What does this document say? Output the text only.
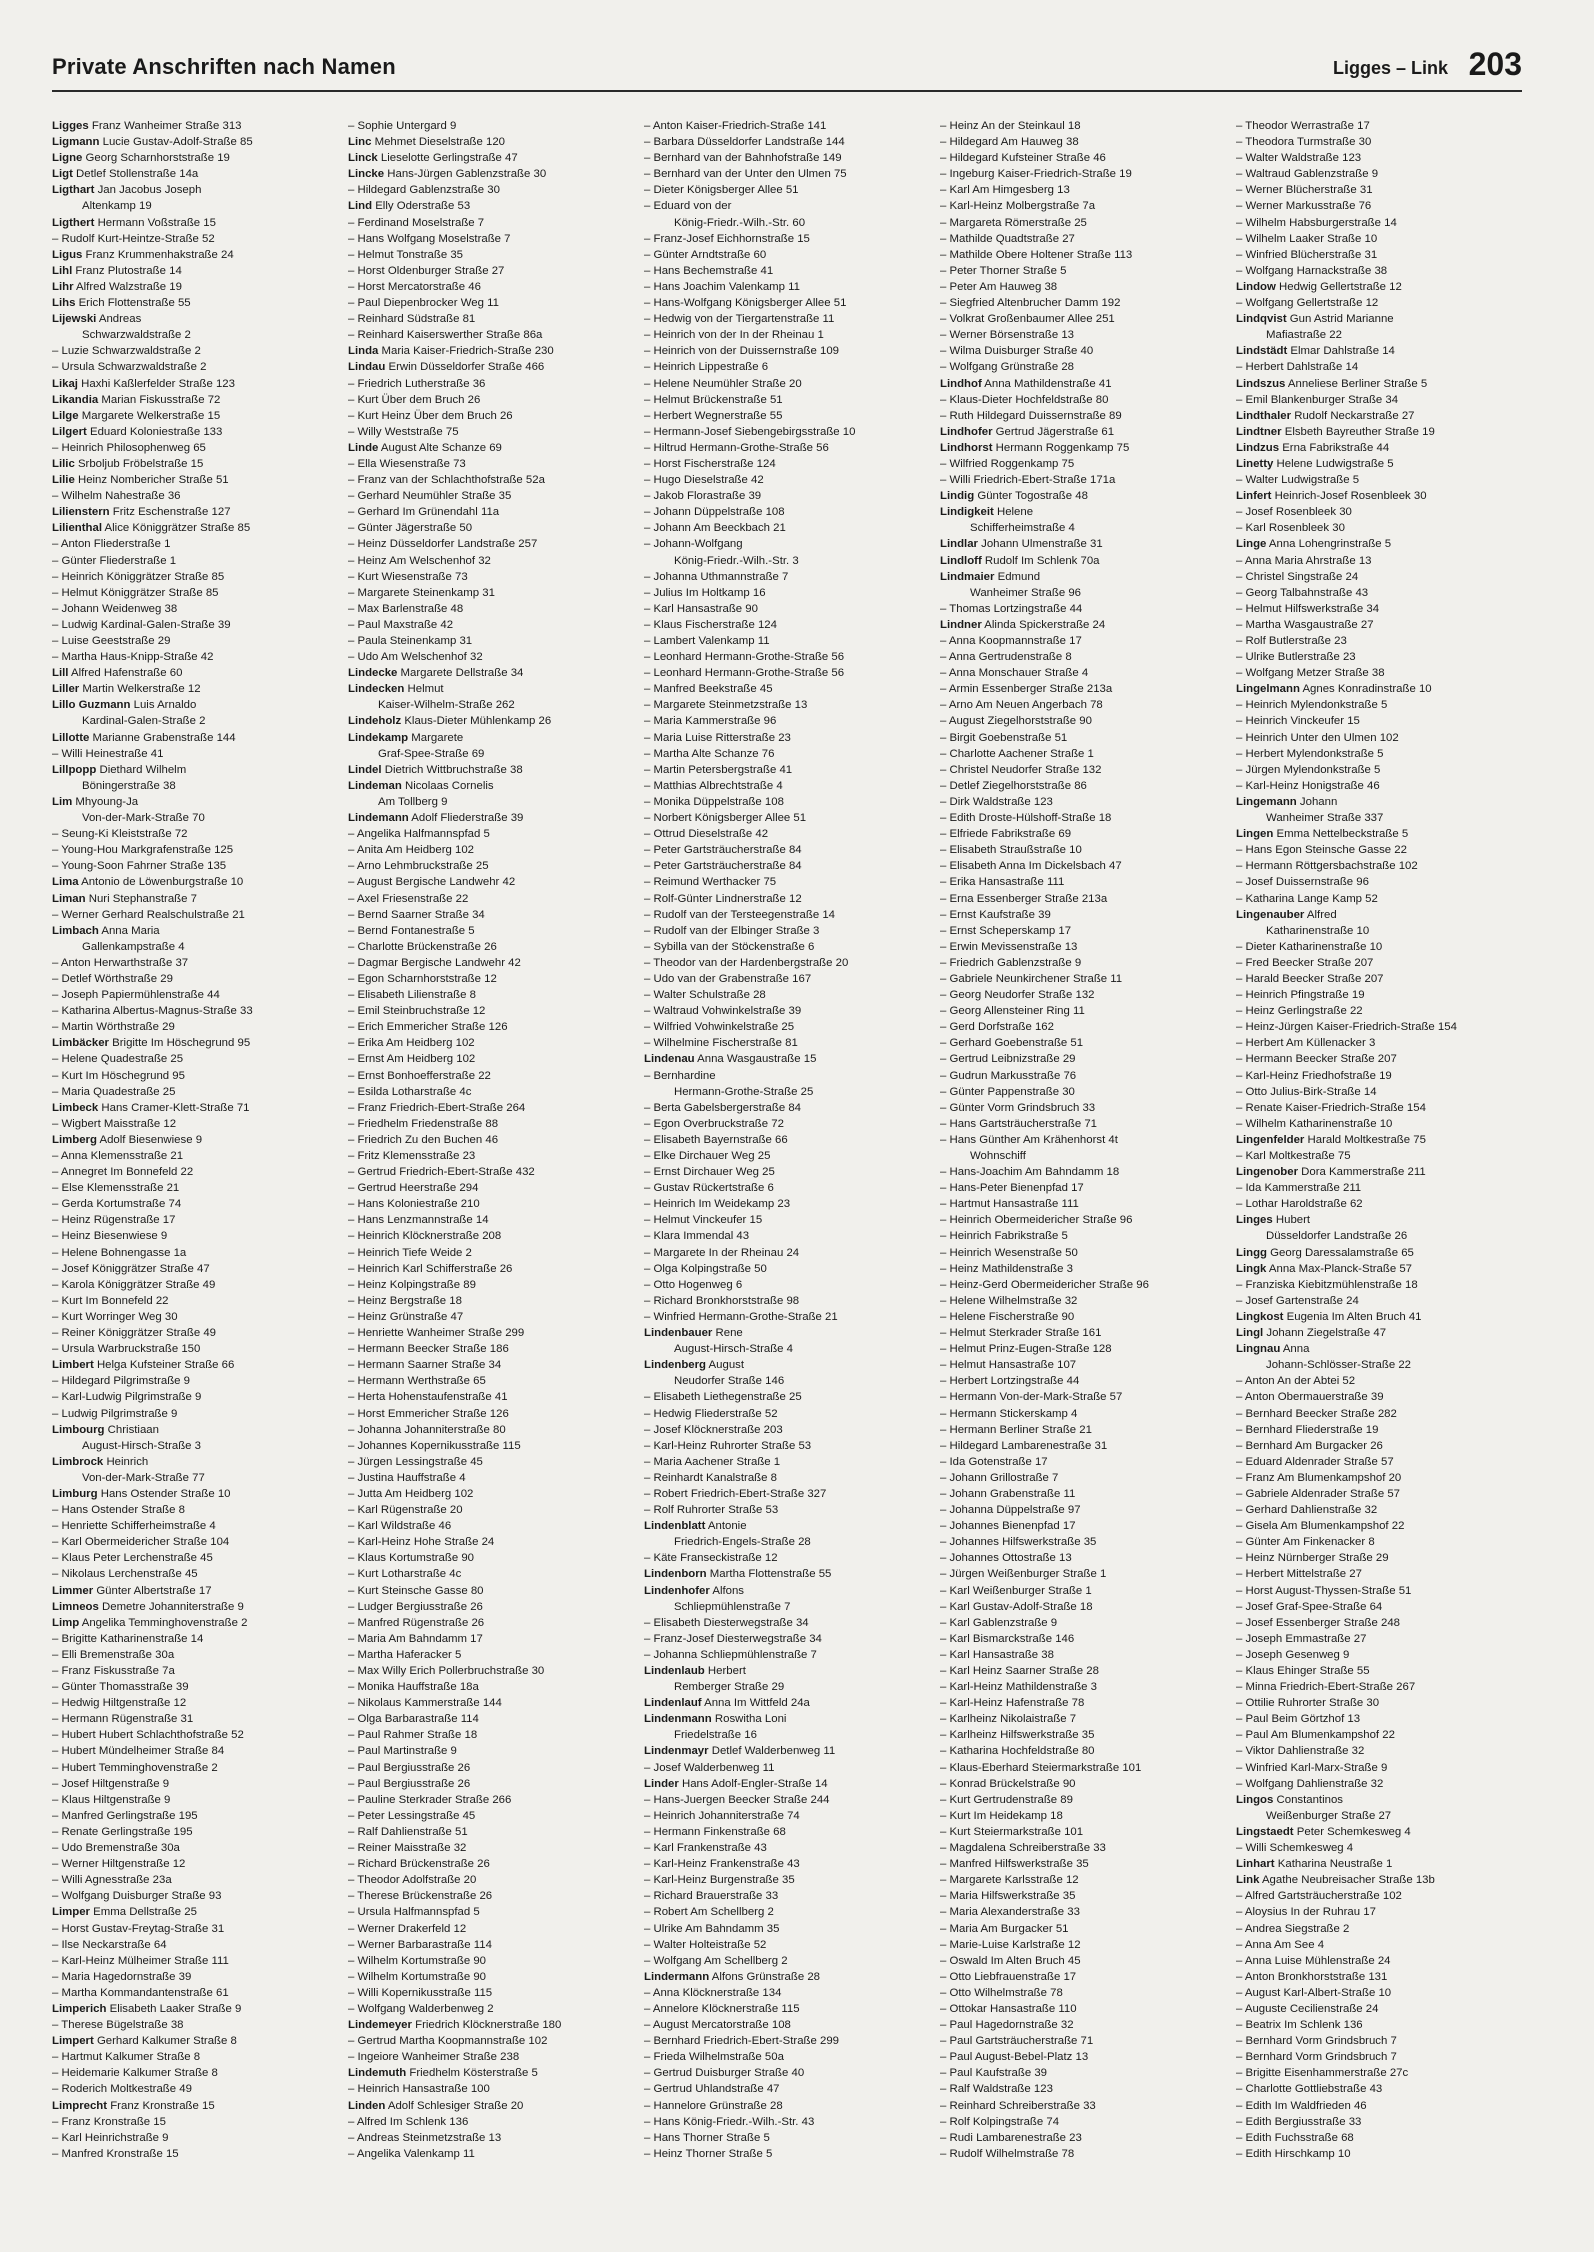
Private Anschriften nach Namen	Ligges – Link 203
Ligges Franz Wanheimer Straße 313
Ligmann Lucie Gustav-Adolf-Straße 85
Ligne Georg Scharnhorststraße 19
Ligt Detlef Stollenstraße 14a
Ligthart Jan Jacobus Joseph
Altenkamp 19
Ligthert Hermann Voßstraße 15
– Rudolf Kurt-Heintze-Straße 52
Ligus Franz Krummenhakstraße 24
Lihl Franz Plutostraße 14
Lihr Alfred Walzstraße 19
Lihs Erich Flottenstraße 55
Lijewski Andreas
Schwarzwaldstraße 2
– Luzie Schwarzwaldstraße 2
– Ursula Schwarzwaldstraße 2
Likaj Haxhi Kaßlerfelder Straße 123
Likandia Marian Fiskusstraße 72
Lilge Margarete Welkerstraße 15
Lilgert Eduard Koloniestraße 133
– Heinrich Philosophenweg 65
Lilic Srboljub Fröbelstraße 15
Lilie Heinz Nombericher Straße 51
– Wilhelm Nahestraße 36
Lilienstern Fritz Eschenstraße 127
Lilienthal Alice Königgrätzer Straße 85
– Anton Fliederstraße 1
– Günter Fliederstraße 1
– Heinrich Königgrätzer Straße 85
– Helmut Königgrätzer Straße 85
– Johann Weidenweg 38
– Ludwig Kardinal-Galen-Straße 39
– Luise Geeststraße 29
– Martha Haus-Knipp-Straße 42
Lill Alfred Hafenstraße 60
Liller Martin Welkerstraße 12
Lillo Guzmann Luis Arnaldo
Kardinal-Galen-Straße 2
Lillotte Marianne Grabenstraße 144
– Willi Heinestraße 41
Lillpopp Diethard Wilhelm
Böningerstraße 38
Lim Mhyoung-Ja
Von-der-Mark-Straße 70
– Seung-Ki Kleiststraße 72
– Young-Hou Markgrafenstraße 125
– Young-Soon Fahrner Straße 135
Lima Antonio de Löwenburgstraße 10
Liman Nuri Stephanstraße 7
– Werner Gerhard Realschulstraße 21
Limbach Anna Maria
Gallenkampstraße 4
– Anton Herwarthstraße 37
– Detlef Wörthstraße 29
– Joseph Papiermühlenstraße 44
– Katharina Albertus-Magnus-Straße 33
– Martin Wörthstraße 29
Limbäcker Brigitte Im Höschegrund 95
– Helene Quadestraße 25
– Kurt Im Höschegrund 95
– Maria Quadestraße 25
Limbeck Hans Cramer-Klett-Straße 71
– Wigbert Maisstraße 12
Limberg Adolf Biesenwiese 9
– Anna Klemensstraße 21
– Annegret Im Bonnefeld 22
– Else Klemensstraße 21
– Gerda Kortumstraße 74
– Heinz Rügenstraße 17
– Heinz Biesenwiese 9
– Helene Bohnengasse 1a
– Josef Königgrätzer Straße 47
– Karola Königgrätzer Straße 49
– Kurt Im Bonnefeld 22
– Kurt Worringer Weg 30
– Reiner Königgrätzer Straße 49
– Ursula Warbruckstraße 150
Limbert Helga Kufsteiner Straße 66
– Hildegard Pilgrimstraße 9
– Karl-Ludwig Pilgrimstraße 9
– Ludwig Pilgrimstraße 9
Limbourg Christiaan
August-Hirsch-Straße 3
Limbrock Heinrich
Von-der-Mark-Straße 77
Limburg Hans Ostender Straße 10
– Hans Ostender Straße 8
– Henriette Schifferheimstraße 4
– Karl Obermeidericher Straße 104
– Klaus Peter Lerchenstraße 45
– Nikolaus Lerchenstraße 45
Limmer Günter Albertstraße 17
Limneos Demetre Johanniterstraße 9
Limp Angelika Temminghovenstraße 2
– Brigitte Katharinenstraße 14
– Elli Bremenstraße 30a
– Franz Fiskusstraße 7a
– Günter Thomasstraße 39
– Hedwig Hiltgenstraße 12
– Hermann Rügenstraße 31
– Hubert Hubert Schlachthofstraße 52
– Hubert Mündelheimer Straße 84
– Hubert Temminghovenstraße 2
– Josef Hiltgenstraße 9
– Klaus Hiltgenstraße 9
– Manfred Gerlingstraße 195
– Renate Gerlingstraße 195
– Udo Bremenstraße 30a
– Werner Hiltgenstraße 12
– Willi Agnesstraße 23a
– Wolfgang Duisburger Straße 93
Limper Emma Dellstraße 25
– Horst Gustav-Freytag-Straße 31
– Ilse Neckarstraße 64
– Karl-Heinz Mülheimer Straße 111
– Maria Hagedornstraße 39
– Martha Kommandantenstraße 61
Limperich Elisabeth Laaker Straße 9
– Therese Bügelstraße 38
Limpert Gerhard Kalkumer Straße 8
– Hartmut Kalkumer Straße 8
– Heidemarie Kalkumer Straße 8
– Roderich Moltkestraße 49
Limprecht Franz Kronstraße 15
– Franz Kronstraße 15
– Karl Heinrichstraße 9
– Manfred Kronstraße 15
– Sophie Untergard 9
Linc Mehmet Dieselstraße 120
Linck Lieselotte Gerlingstraße 47
Lincke Hans-Jürgen Gablenzstraße 30
– Hildegard Gablenzstraße 30
Lind Elly Oderstraße 53
– Ferdinand Moselstraße 7
– Hans Wolfgang Moselstraße 7
– Helmut Tonstraße 35
– Horst Oldenburger Straße 27
– Horst Mercatorstraße 46
– Paul Diepenbrocker Weg 11
– Reinhard Südstraße 81
– Reinhard Kaiserswerther Straße 86a
Linda Maria Kaiser-Friedrich-Straße 230
Lindau Erwin Düsseldorfer Straße 466
– Friedrich Lutherstraße 36
– Kurt Über dem Bruch 26
– Kurt Heinz Über dem Bruch 26
– Willy Weststraße 75
Linde August Alte Schanze 69
– Ella Wiesenstraße 73
– Franz van der Schlachthofstraße 52a
– Gerhard Neumühler Straße 35
– Gerhard Im Grünendahl 11a
– Günter Jägerstraße 50
– Heinz Düsseldorfer Landstraße 257
– Heinz Am Welschenhof 32
– Kurt Wiesenstraße 73
– Margarete Steinenkamp 31
– Max Barlenstraße 48
– Paul Maxstraße 42
– Paula Steinenkamp 31
– Udo Am Welschenhof 32
Lindecke Margarete Dellstraße 34
Lindecken Helmut
Kaiser-Wilhelm-Straße 262
Lindeholz Klaus-Dieter Mühlenkamp 26
Lindekamp Margarete
Graf-Spee-Straße 69
Lindel Dietrich Wittbruchstraße 38
Lindeman Nicolaas Cornelis
Am Tollberg 9
Lindemann Adolf Fliederstraße 39
– Angelika Halfmannspfad 5
– Anita Am Heidberg 102
– Arno Lehmbruckstraße 25
– August Bergische Landwehr 42
– Axel Friesenstraße 22
– Bernd Saarner Straße 34
– Bernd Fontanestraße 5
– Charlotte Brückenstraße 26
– Dagmar Bergische Landwehr 42
– Egon Scharnhorststraße 12
– Elisabeth Lilienstraße 8
– Emil Steinbruchstraße 12
– Erich Emmericher Straße 126
– Erika Am Heidberg 102
– Ernst Am Heidberg 102
– Ernst Bonhoefferstraße 22
– Esilda Lotharstraße 4c
– Franz Friedrich-Ebert-Straße 264
– Friedhelm Friedenstraße 88
– Friedrich Zu den Buchen 46
– Fritz Klemensstraße 23
– Gertrud Friedrich-Ebert-Straße 432
– Gertrud Heerstraße 294
– Hans Koloniestraße 210
– Hans Lenzmannstraße 14
– Heinrich Klöcknerstraße 208
– Heinrich Tiefe Weide 2
– Heinrich Karl Schifferstraße 26
– Heinz Kolpingstraße 89
– Heinz Bergstraße 18
– Heinz Grünstraße 47
– Henriette Wanheimer Straße 299
– Hermann Beecker Straße 186
– Hermann Saarner Straße 34
– Hermann Werthstraße 65
– Herta Hohenstaufenstraße 41
– Horst Emmericher Straße 126
– Johanna Johanniterstraße 80
– Johannes Kopernikusstraße 115
– Jürgen Lessingstraße 45
– Justina Hauffstraße 4
– Jutta Am Heidberg 102
– Karl Rügenstraße 20
– Karl Wildstraße 46
– Karl-Heinz Hohe Straße 24
– Klaus Kortumstraße 90
– Kurt Lotharstraße 4c
– Kurt Steinsche Gasse 80
– Ludger Bergiusstraße 26
– Manfred Rügenstraße 26
– Maria Am Bahndamm 17
– Martha Haferacker 5
– Max Willy Erich Pollerbruchstraße 30
– Monika Hauffstraße 18a
– Nikolaus Kammerstraße 144
– Olga Barbarastraße 114
– Paul Rahmer Straße 18
– Paul Martinstraße 9
– Paul Bergiusstraße 26
– Paul Bergiusstraße 26
– Pauline Sterkrader Straße 266
– Peter Lessingstraße 45
– Ralf Dahlienstraße 51
– Reiner Maisstraße 32
– Richard Brückenstraße 26
– Theodor Adolfstraße 20
– Therese Brückenstraße 26
– Ursula Halfmannspfad 5
– Werner Drakerfeld 12
– Werner Barbarastraße 114
– Wilhelm Kortumstraße 90
– Wilhelm Kortumstraße 90
– Willi Kopernikusstraße 115
– Wolfgang Walderbenweg 2
Lindemeyer Friedrich Klöcknerstraße 180
– Gertrud Martha Koopmannstraße 102
– Ingeiore Wanheimer Straße 238
Lindemuth Friedhelm Kösterstraße 5
– Heinrich Hansastraße 100
Linden Adolf Schlesiger Straße 20
– Alfred Im Schlenk 136
– Andreas Steinmetzstraße 13
– Angelika Valenkamp 11
– Anton Kaiser-Friedrich-Straße 141
– Barbara Düsseldorfer Landstraße 144
– Bernhard van der Bahnhofstraße 149
– Bernhard van der Unter den Ulmen 75
– Dieter Königsberger Allee 51
– Eduard von der
König-Friedr.-Wilh.-Str. 60
– Franz-Josef Eichhornstraße 15
– Günter Arndtstraße 60
– Hans Bechemstraße 41
– Hans Joachim Valenkamp 11
– Hans-Wolfgang Königsberger Allee 51
– Hedwig von der Tiergartenstraße 11
– Heinrich von der In der Rheinau 1
– Heinrich von der Duissernstraße 109
– Heinrich Lippestraße 6
– Helene Neumühler Straße 20
– Helmut Brückenstraße 51
– Herbert Wegnerstraße 55
– Hermann-Josef Siebengebirgsstraße 10
– Hiltrud Hermann-Grothe-Straße 56
– Horst Fischerstraße 124
– Hugo Dieselstraße 42
– Jakob Florastraße 39
– Johann Düppelstraße 108
– Johann Am Beeckbach 21
– Johann-Wolfgang
König-Friedr.-Wilh.-Str. 3
– Johanna Uthmannstraße 7
– Julius Im Holtkamp 16
– Karl Hansastraße 90
– Klaus Fischerstraße 124
– Lambert Valenkamp 11
– Leonhard Hermann-Grothe-Straße 56
– Leonhard Hermann-Grothe-Straße 56
– Manfred Beekstraße 45
– Margarete Steinmetzstraße 13
– Maria Kammerstraße 96
– Maria Luise Ritterstraße 23
– Martha Alte Schanze 76
– Martin Petersbergstraße 41
– Matthias Albrechtstraße 4
– Monika Düppelstraße 108
– Norbert Königsberger Allee 51
– Ottrud Dieselstraße 42
– Peter Gartsträucherstraße 84
– Peter Gartsträucherstraße 84
– Reimund Werthacker 75
– Rolf-Günter Lindnerstraße 12
– Rudolf van der Tersteegenstraße 14
– Rudolf van der Elbinger Straße 3
– Sybilla van der Stöckenstraße 6
– Theodor van der Hardenbergstraße 20
– Udo van der Grabenstraße 167
– Walter Schulstraße 28
– Waltraud Vohwinkelstraße 39
– Wilfried Vohwinkelstraße 25
– Wilhelmine Fischerstraße 81
Lindenau Anna Wasgaustraße 15
– Bernhardine
Hermann-Grothe-Straße 25
– Berta Gabelsbergerstraße 84
– Egon Overbruckstraße 72
– Elisabeth Bayernstraße 66
– Elke Dirchauer Weg 25
– Ernst Dirchauer Weg 25
– Gustav Rückertstraße 6
– Heinrich Im Weidekamp 23
– Helmut Vinckeufer 15
– Klara Immendal 43
– Margarete In der Rheinau 24
– Olga Kolpingstraße 50
– Otto Hogenweg 6
– Richard Bronkhorststraße 98
– Winfried Hermann-Grothe-Straße 21
Lindenbauer Rene
August-Hirsch-Straße 4
Lindenberg August
Neudorfer Straße 146
– Elisabeth Liethegenstraße 25
– Hedwig Fliederstraße 52
– Josef Klöcknerstraße 203
– Karl-Heinz Ruhrorter Straße 53
– Maria Aachener Straße 1
– Reinhardt Kanalstraße 8
– Robert Friedrich-Ebert-Straße 327
– Rolf Ruhrorter Straße 53
Lindenblatt Antonie
Friedrich-Engels-Straße 28
– Käte Franseckistraße 12
Lindenborn Martha Flottenstraße 55
Lindenhofer Alfons
Schliepmühlenstraße 7
– Elisabeth Diesterwegstraße 34
– Franz-Josef Diesterwegstraße 34
– Johanna Schliepmühlenstraße 7
Lindenlaub Herbert
Remberger Straße 29
Lindenlauf Anna Im Wittfeld 24a
Lindenmann Roswitha Loni
Friedelstraße 16
Lindenmayr Detlef Walderbenweg 11
– Josef Walderbenweg 11
Linder Hans Adolf-Engler-Straße 14
– Hans-Juergen Beecker Straße 244
– Heinrich Johanniterstraße 74
– Hermann Finkenstraße 68
– Karl Frankenstraße 43
– Karl-Heinz Frankenstraße 43
– Karl-Heinz Burgenstraße 35
– Richard Brauerstraße 33
– Robert Am Schellberg 2
– Ulrike Am Bahndamm 35
– Walter Holteistraße 52
– Wolfgang Am Schellberg 2
Lindermann Alfons Grünstraße 28
– Anna Klöcknerstraße 134
– Annelore Klöcknerstraße 115
– August Mercatorstraße 108
– Bernhard Friedrich-Ebert-Straße 299
– Frieda Wilhelmstraße 50a
– Gertrud Duisburger Straße 40
– Gertrud Uhlandstraße 47
– Hannelore Grünstraße 28
– Hans König-Friedr.-Wilh.-Str. 43
– Hans Thorner Straße 5
– Heinz Thorner Straße 5
– Heinz An der Steinkaul 18
– Hildegard Am Hauweg 38
– Hildegard Kufsteiner Straße 46
– Ingeburg Kaiser-Friedrich-Straße 19
– Karl Am Himgesberg 13
– Karl-Heinz Molbergstraße 7a
– Margareta Römerstraße 25
– Mathilde Quadtstraße 27
– Mathilde Obere Holtener Straße 113
– Peter Thorner Straße 5
– Peter Am Hauweg 38
– Siegfried Altenbrucher Damm 192
– Volkrat Großenbaumer Allee 251
– Werner Börsenstraße 13
– Wilma Duisburger Straße 40
– Wolfgang Grünstraße 28
Lindhof Anna Mathildenstraße 41
– Klaus-Dieter Hochfeldstraße 80
– Ruth Hildegard Duissernstraße 89
Lindhofer Gertrud Jägerstraße 61
Lindhorst Hermann Roggenkamp 75
– Wilfried Roggenkamp 75
– Willi Friedrich-Ebert-Straße 171a
Lindig Günter Togostraße 48
Lindigkeit Helene
Schifferheimstraße 4
Lindlar Johann Ulmenstraße 31
Lindloff Rudolf Im Schlenk 70a
Lindmaier Edmund
Wanheimer Straße 96
– Thomas Lortzingstraße 44
Lindner Alinda Spickerstraße 24
– Anna Koopmannstraße 17
– Anna Gertrudenstraße 8
– Anna Monschauer Straße 4
– Armin Essenberger Straße 213a
– Arno Am Neuen Angerbach 78
– August Ziegelhorststraße 90
– Birgit Goebenstraße 51
– Charlotte Aachener Straße 1
– Christel Neudorfer Straße 132
– Detlef Ziegelhorststraße 86
– Dirk Waldstraße 123
– Edith Droste-Hülshoff-Straße 18
– Elfriede Fabrikstraße 69
– Elisabeth Straußstraße 10
– Elisabeth Anna Im Dickelsbach 47
– Erika Hansastraße 111
– Erna Essenberger Straße 213a
– Ernst Kaufstraße 39
– Ernst Scheperskamp 17
– Erwin Mevissenstraße 13
– Friedrich Gablenzstraße 9
– Gabriele Neunkirchener Straße 11
– Georg Neudorfer Straße 132
– Georg Allensteiner Ring 11
– Gerd Dorfstraße 162
– Gerhard Goebenstraße 51
– Gertrud Leibnizstraße 29
– Gudrun Markusstraße 76
– Günter Pappenstraße 30
– Günter Vorm Grindsbruch 33
– Hans Gartsträucherstraße 71
– Hans Günther Am Krähenhorst 4t
Wohnschiff
– Hans-Joachim Am Bahndamm 18
– Hans-Peter Bienenpfad 17
– Hartmut Hansastraße 111
– Heinrich Obermeidericher Straße 96
– Heinrich Fabrikstraße 5
– Heinrich Wesenstraße 50
– Heinz Mathildenstraße 3
– Heinz-Gerd Obermeidericher Straße 96
– Helene Wilhelmstraße 32
– Helene Fischerstraße 90
– Helmut Sterkrader Straße 161
– Helmut Prinz-Eugen-Straße 128
– Helmut Hansastraße 107
– Herbert Lortzingstraße 44
– Hermann Von-der-Mark-Straße 57
– Hermann Stickerskamp 4
– Hermann Berliner Straße 21
– Hildegard Lambarenestraße 31
– Ida Gotenstraße 17
– Johann Grillostraße 7
– Johann Grabenstraße 11
– Johanna Düppelstraße 97
– Johannes Bienenpfad 17
– Johannes Hilfswerkstraße 35
– Johannes Ottostraße 13
– Jürgen Weißenburger Straße 1
– Karl Weißenburger Straße 1
– Karl Gustav-Adolf-Straße 18
– Karl Gablenzstraße 9
– Karl Bismarckstraße 146
– Karl Hansastraße 38
– Karl Heinz Saarner Straße 28
– Karl-Heinz Mathildenstraße 3
– Karl-Heinz Hafenstraße 78
– Karlheinz Nikolaistraße 7
– Karlheinz Hilfswerkstraße 35
– Katharina Hochfeldstraße 80
– Klaus-Eberhard Steiermarkstraße 101
– Konrad Brückelstraße 90
– Kurt Gertrudenstraße 89
– Kurt Im Heidekamp 18
– Kurt Steiermarkstraße 101
– Magdalena Schreiberstraße 33
– Manfred Hilfswerkstraße 35
– Margarete Karlsstraße 12
– Maria Hilfswerkstraße 35
– Maria Alexanderstraße 33
– Maria Am Burgacker 51
– Marie-Luise Karlstraße 12
– Oswald Im Alten Bruch 45
– Otto Liebfrauenstraße 17
– Otto Wilhelmstraße 78
– Ottokar Hansastraße 110
– Paul Hagedornstraße 32
– Paul Gartsträucherstraße 71
– Paul August-Bebel-Platz 13
– Paul Kaufstraße 39
– Ralf Waldstraße 123
– Reinhard Schreiberstraße 33
– Rolf Kolpingstraße 74
– Rudi Lambarenestraße 23
– Rudolf Wilhelmstraße 78
– Theodor Werrastraße 17
– Theodora Turmstraße 30
– Walter Waldstraße 123
– Waltraud Gablenzstraße 9
– Werner Blücherstraße 31
– Werner Markusstraße 76
– Wilhelm Habsburgerstraße 14
– Wilhelm Laaker Straße 10
– Winfried Blücherstraße 31
– Wolfgang Harnackstraße 38
Lindow Hedwig Gellertstraße 12
– Wolfgang Gellertstraße 12
Lindqvist Gun Astrid Marianne
Mafiastraße 22
Lindstädt Elmar Dahlstraße 14
– Herbert Dahlstraße 14
Lindszus Anneliese Berliner Straße 5
– Emil Blankenburger Straße 34
Lindthaler Rudolf Neckarstraße 27
Lindtner Elsbeth Bayreuther Straße 19
Lindzus Erna Fabrikstraße 44
Linetty Helene Ludwigstraße 5
– Walter Ludwigstraße 5
Linfert Heinrich-Josef Rosenbleek 30
– Josef Rosenbleek 30
– Karl Rosenbleek 30
Linge Anna Lohengrinstraße 5
– Anna Maria Ahrstraße 13
– Christel Singstraße 24
– Georg Talbahnstraße 43
– Helmut Hilfswerkstraße 34
– Martha Wasgaustraße 27
– Rolf Butlerstraße 23
– Ulrike Butlerstraße 23
– Wolfgang Metzer Straße 38
Lingelmann Agnes Konradinstraße 10
– Heinrich Mylendonkstraße 5
– Heinrich Vinckeufer 15
– Heinrich Unter den Ulmen 102
– Herbert Mylendonkstraße 5
– Jürgen Mylendonkstraße 5
– Karl-Heinz Honigstraße 46
Lingemann Johann
Wanheimer Straße 337
Lingen Emma Nettelbeckstraße 5
– Hans Egon Steinsche Gasse 22
– Hermann Röttgersbachstraße 102
– Josef Duissernstraße 96
– Katharina Lange Kamp 52
Lingenauber Alfred
Katharinenstraße 10
– Dieter Katharinenstraße 10
– Fred Beecker Straße 207
– Harald Beecker Straße 207
– Heinrich Pfingstraße 19
– Heinz Gerlingstraße 22
– Heinz-Jürgen Kaiser-Friedrich-Straße 154
– Herbert Am Küllenacker 3
– Hermann Beecker Straße 207
– Karl-Heinz Friedhofstraße 19
– Otto Julius-Birk-Straße 14
– Renate Kaiser-Friedrich-Straße 154
– Wilhelm Katharinenstraße 10
Lingenfelder Harald Moltkestraße 75
– Karl Moltkestraße 75
Lingenober Dora Kammerstraße 211
– Ida Kammerstraße 211
– Lothar Haroldstraße 62
Linges Hubert
Düsseldorfer Landstraße 26
Lingg Georg Daressalamstraße 65
Lingk Anna Max-Planck-Straße 57
– Franziska Kiebitzmühlenstraße 18
– Josef Gartenstraße 24
Lingkost Eugenia Im Alten Bruch 41
Lingl Johann Ziegelstraße 47
Lingnau Anna
Johann-Schlösser-Straße 22
– Anton An der Abtei 52
– Anton Obermauerstraße 39
– Bernhard Beecker Straße 282
– Bernhard Fliederstraße 19
– Bernhard Am Burgacker 26
– Eduard Aldenrader Straße 57
– Franz Am Blumenkampshof 20
– Gabriele Aldenrader Straße 57
– Gerhard Dahlienstraße 32
– Gisela Am Blumenkampshof 22
– Günter Am Finkenacker 8
– Heinz Nürnberger Straße 29
– Herbert Mittelstraße 27
– Horst August-Thyssen-Straße 51
– Josef Graf-Spee-Straße 64
– Josef Essenberger Straße 248
– Joseph Emmastraße 27
– Joseph Gesenweg 9
– Klaus Ehinger Straße 55
– Minna Friedrich-Ebert-Straße 267
– Ottilie Ruhrorter Straße 30
– Paul Beim Görtzhof 13
– Paul Am Blumenkampshof 22
– Viktor Dahlienstraße 32
– Winfried Karl-Marx-Straße 9
– Wolfgang Dahlienstraße 32
Lingos Constantinos
Weißenburger Straße 27
Lingstaedt Peter Schemkesweg 4
– Willi Schemkesweg 4
Linhart Katharina Neustraße 1
Link Agathe Neubreisacher Straße 13b
– Alfred Gartsträucherstraße 102
– Aloysius In der Ruhrau 17
– Andrea Siegstraße 2
– Anna Am See 4
– Anna Luise Mühlenstraße 24
– Anton Bronkhorststraße 131
– August Karl-Albert-Straße 10
– Auguste Cecilienstraße 24
– Beatrix Im Schlenk 136
– Bernhard Vorm Grindsbruch 7
– Bernhard Vorm Grindsbruch 7
– Brigitte Eisenhammerstraße 27c
– Charlotte Gottliebstraße 43
– Edith Im Waldfrieden 46
– Edith Bergiusstraße 33
– Edith Fuchsstraße 68
– Edith Hirschkamp 10
